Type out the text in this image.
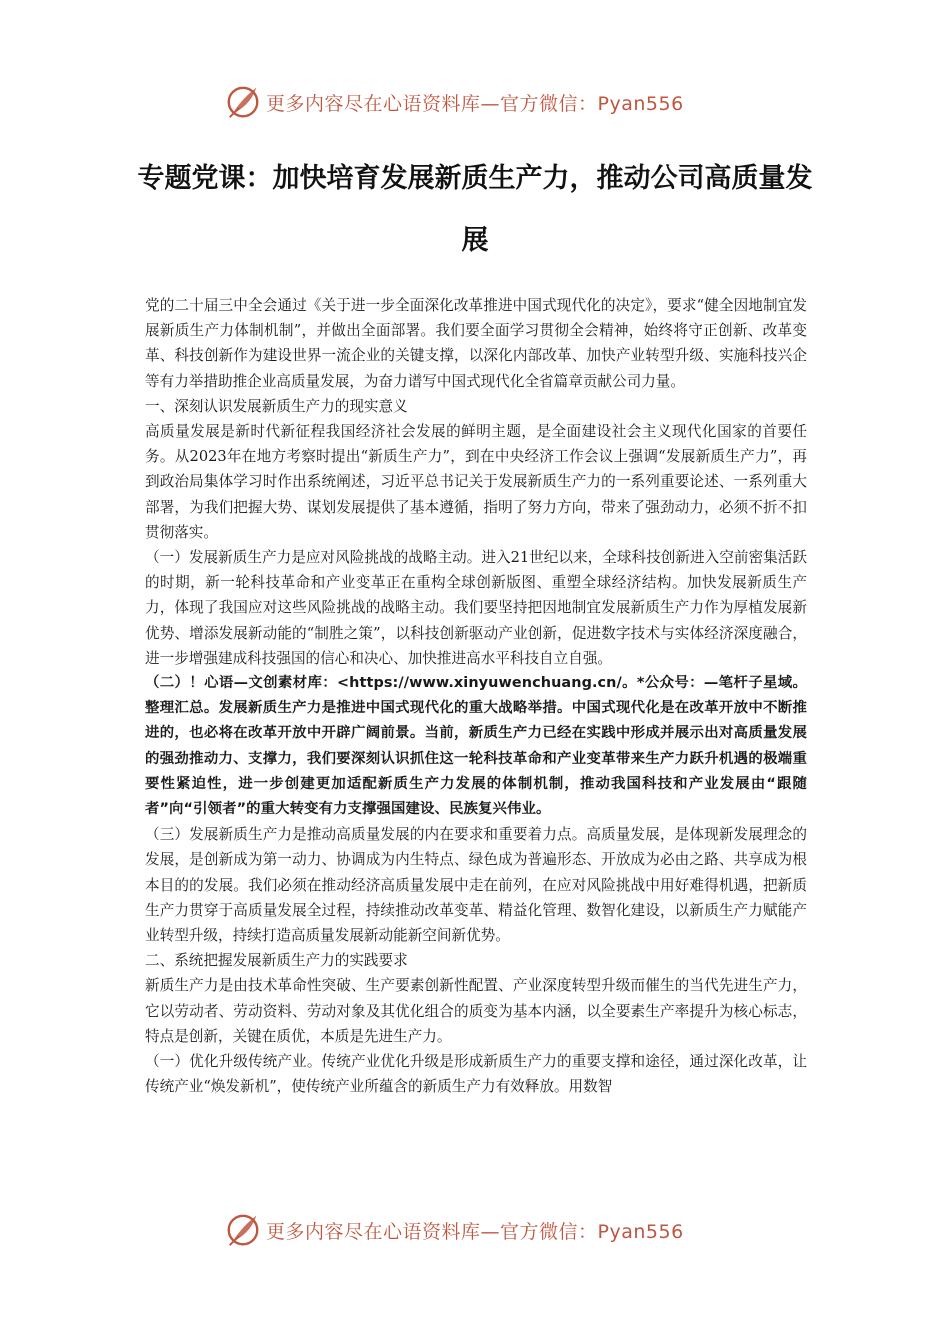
更多内容尽在心语资料库—官方微信：Pyan556
专题党课：加快培育发展新质生产力，推动公司高质量发展

党的二十届三中全会通过《关于进一步全面深化改革推进中国式现代化的决定》，要求“健全因地制宜发展新质生产力体制机制”，并做出全面部署。我们要全面学习贯彻全会精神，始终将守正创新、改革变革、科技创新作为建设世界一流企业的关键支撑，以深化内部改革、加快产业转型升级、实施科技兴企等有力举措助推企业高质量发展，为奋力谱写中国式现代化全省篇章贡献公司力量。

一、深刻认识发展新质生产力的现实意义

高质量发展是新时代新征程我国经济社会发展的鲜明主题，是全面建设社会主义现代化国家的首要任务。从2023年在地方考察时提出“新质生产力”，到在中央经济工作会议上强调“发展新质生产力”，再到政治局集体学习时作出系统阐述，习近平总书记关于发展新质生产力的一系列重要论述、一系列重大部署，为我们把握大势、谋划发展提供了基本遵循，指明了努力方向，带来了强劲动力，必须不折不扣贯彻落实。

（一）发展新质生产力是应对风险挑战的战略主动。进入21世纪以来，全球科技创新进入空前密集活跃的时期，新一轮科技革命和产业变革正在重构全球创新版图、重塑全球经济结构。加快发展新质生产力，体现了我国应对这些风险挑战的战略主动。我们要坚持把因地制宜发展新质生产力作为厚植发展新优势、增添发展新动能的“制胜之策”，以科技创新驱动产业创新，促进数字技术与实体经济深度融合，进一步增强建成科技强国的信心和决心、加快推进高水平科技自立自强。

（二）！心语—文创素材库：<https://www.xinyuwenchuang.cn/。*公众号：—笔杆子星域。整理汇总。发展新质生产力是推进中国式现代化的重大战略举措。中国式现代化是在改革开放中不断推进的，也必将在改革开放中开辟广阔前景。当前，新质生产力已经在实践中形成并展示出对高质量发展的强劲推动力、支撑力，我们要深刻认识抓住这一轮科技革命和产业变革带来生产力跃升机遇的极端重要性紧迫性，进一步创建更加适配新质生产力发展的体制机制，推动我国科技和产业发展由“跟随者”向“引领者”的重大转变有力支撑强国建设、民族复兴伟业。

（三）发展新质生产力是推动高质量发展的内在要求和重要着力点。高质量发展，是体现新发展理念的发展，是创新成为第一动力、协调成为内生特点、绿色成为普遍形态、开放成为必由之路、共享成为根本目的的发展。我们必须在推动经济高质量发展中走在前列，在应对风险挑战中用好难得机遇，把新质生产力贯穿于高质量发展全过程，持续推动改革变革、精益化管理、数智化建设，以新质生产力赋能产业转型升级，持续打造高质量发展新动能新空间新优势。

二、系统把握发展新质生产力的实践要求

新质生产力是由技术革命性突破、生产要素创新性配置、产业深度转型升级而催生的当代先进生产力，它以劳动者、劳动资料、劳动对象及其优化组合的质变为基本内涵，以全要素生产率提升为核心标志，特点是创新，关键在质优，本质是先进生产力。

（一）优化升级传统产业。传统产业优化升级是形成新质生产力的重要支撑和途径，通过深化改革，让传统产业“焕发新机”，使传统产业所蕴含的新质生产力有效释放。用数智

更多内容尽在心语资料库—官方微信：Pyan556
